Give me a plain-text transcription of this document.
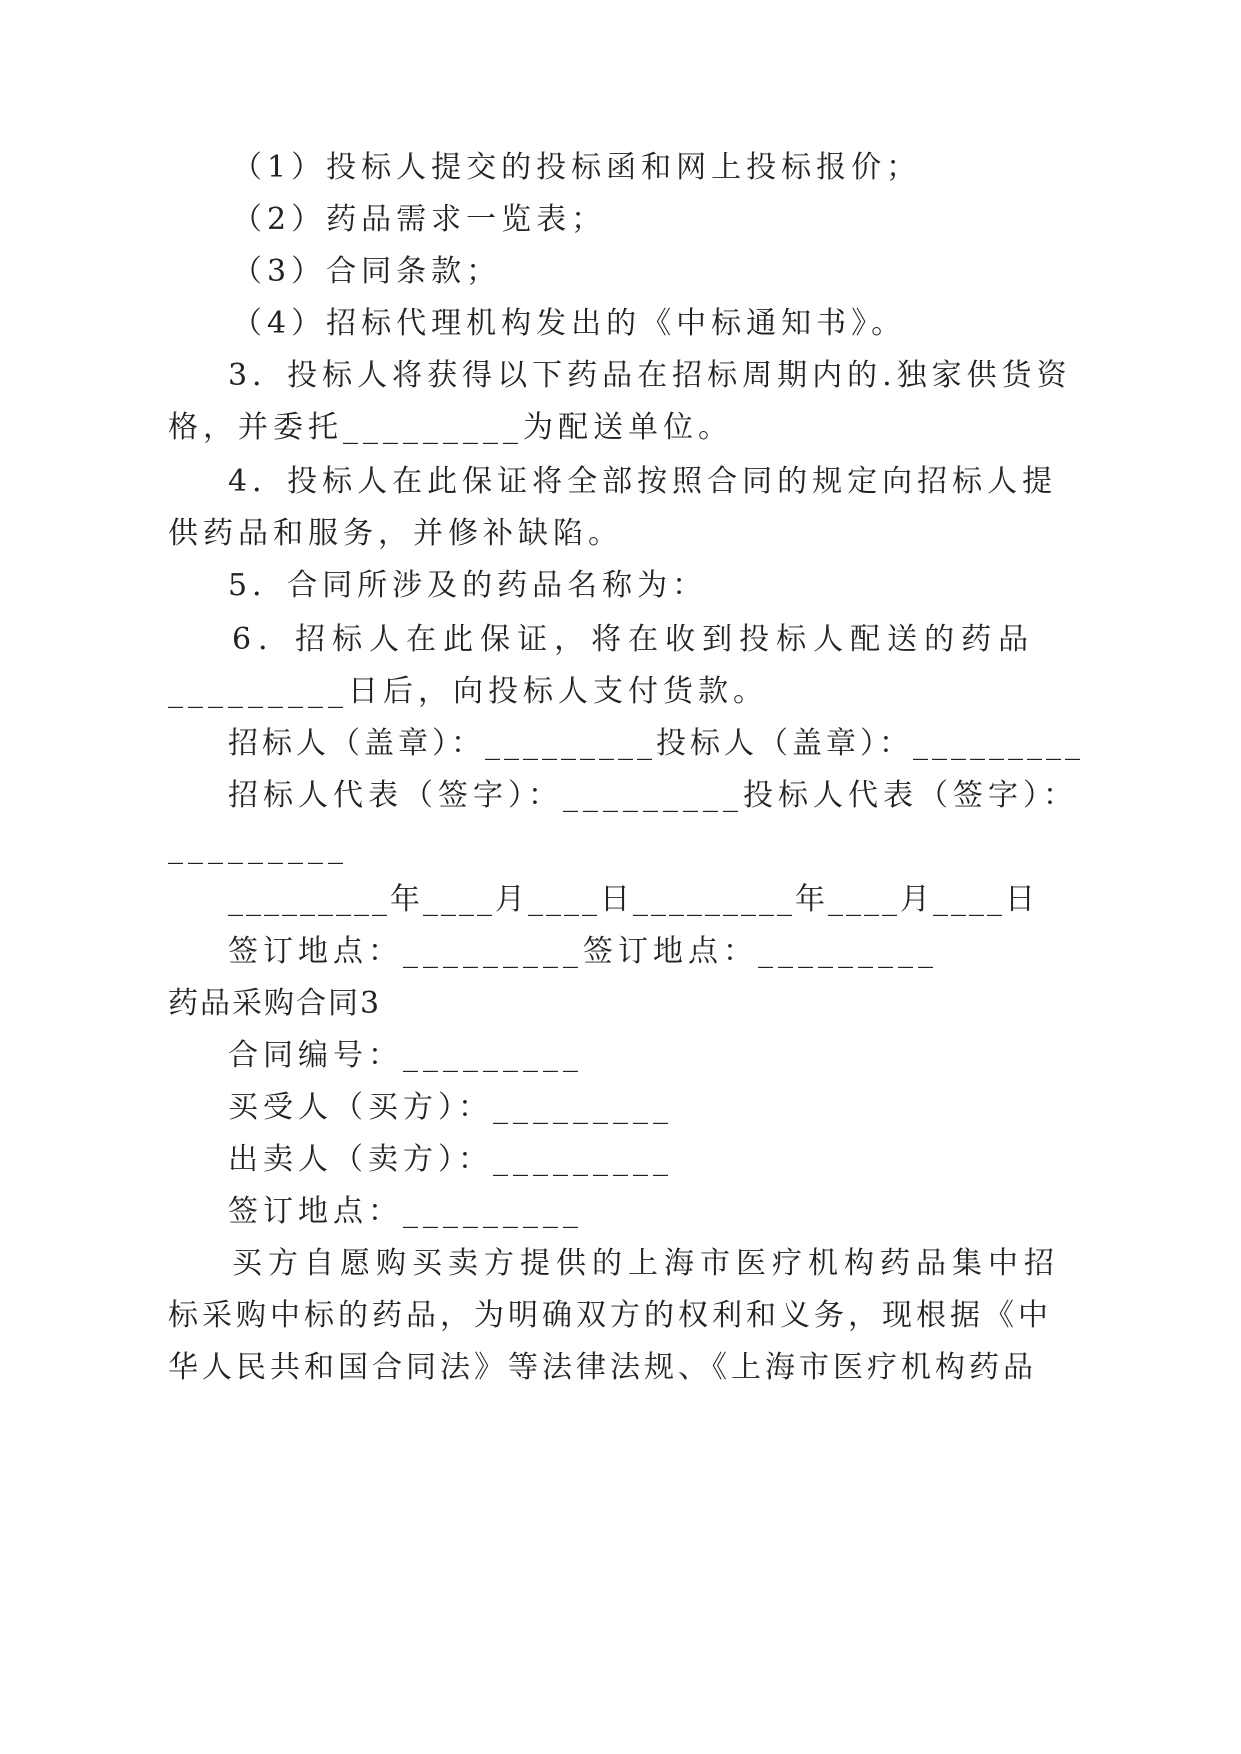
（1）投标人提交的投标函和网上投标报价；
（2）药品需求一览表；
（3）合同条款；
（4）招标代理机构发出的《中标通知书》。
3．投标人将获得以下药品在招标周期内的.独家供货资
格，并委托_________为配送单位。
4．投标人在此保证将全部按照合同的规定向招标人提
供药品和服务，并修补缺陷。
5．合同所涉及的药品名称为：
6．招标人在此保证，将在收到投标人配送的药品
_________日后，向投标人支付货款。
招标人（盖章）：_________投标人（盖章）：_________
招标人代表（签字）：_________投标人代表（签字）：
_________
_________年____月____日_________年____月____日
签订地点：_________签订地点：_________
药品采购合同3
合同编号：_________
买受人（买方）：_________
出卖人（卖方）：_________
签订地点：_________
买方自愿购买卖方提供的上海市医疗机构药品集中招
标采购中标的药品，为明确双方的权利和义务，现根据《中
华人民共和国合同法》等法律法规、《上海市医疗机构药品
